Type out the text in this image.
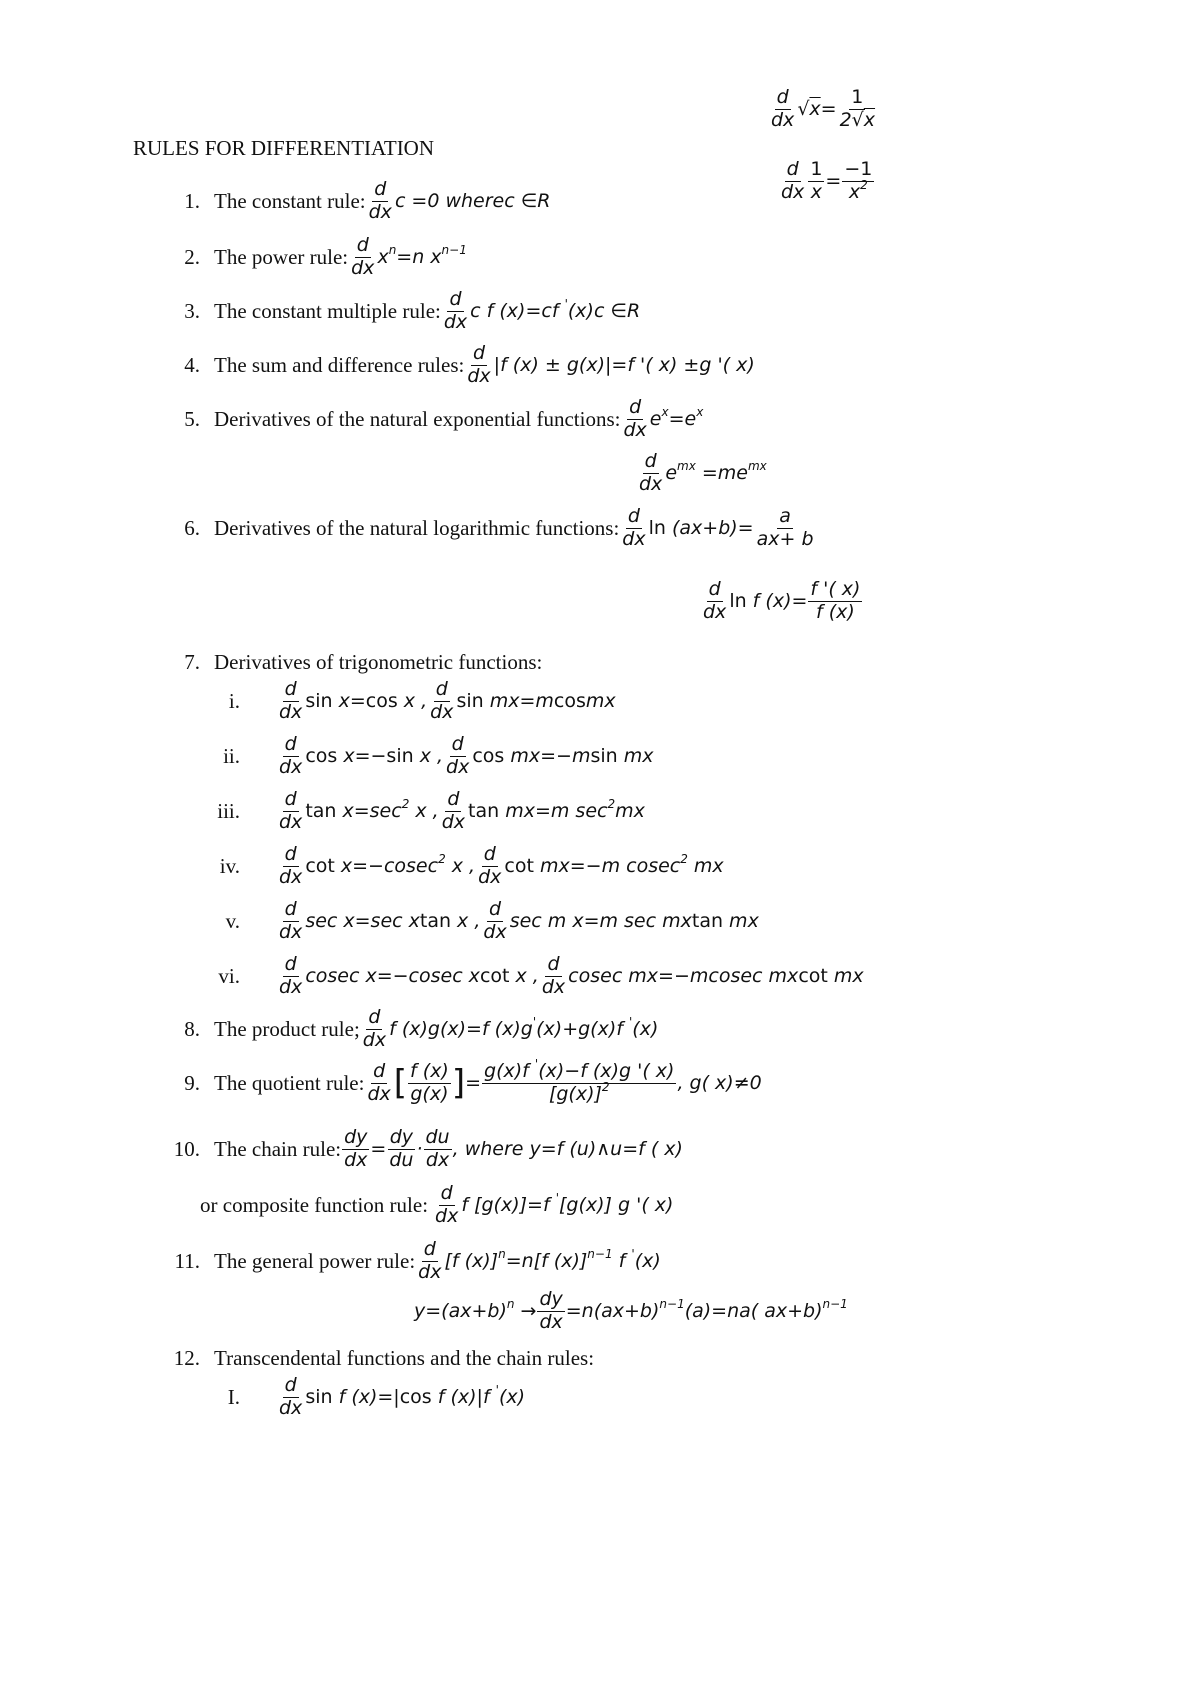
RULES FOR DIFFERENTIATION
d
dx $√x= \frac{1}{2√x}$
d
dx $\frac{1}{x} = \frac{-1}{x^2}$
1. The constant rule: d
dx c =0 wherec ∈R
2. The power rule: d
dx $x^n=n$ $x^{n-1}$
3. The constant multiple rule: d
dx c f (x)=cf '(x)c ∈R
4. The sum and difference rules: d
dx |f (x) ± g(x)|=f '( x) ±g '( x)
5. Derivatives of the natural exponential functions: d
dx $e^x=e^x$
d
dx $e^{mx} =me^{mx}$
6. Derivatives of the natural logarithmic functions: d
dx $\ln (ax+b)= \frac{a}{ax+ b}$
d
dx ln f $(x)= \frac{f '( x)}{f (x)}$
7. Derivatives of trigonometric functions:
i. d
dx sin x= cos x ,
d
dx sin mx=m cos mx
ii. d
dx cos x=− sin x ,
d
dx cos mx=−m sin mx
iii. d
dx $\tan x=\sec^2$ x ,
d
dx tan mx=m $\sec^2mx$
iv. d
dx cot x=−cosec$^2$ x ,
d
dx cot mx=−m cosec$^2$ mx
v. d
dx sec x=sec x tan x ,
d
dx sec m x=m sec mx tan mx
vi. d
dx cosec x=−cosec x cot x ,
d
dx cosec mx=−mcosec mx cot mx
8. The product rule; d
dx f (x)g(x)=f (x)g'(x)+g(x)f '(x)
9. The quotient rule: d
dx [ f (x)
g(x) ] = $\frac{g(x)f '(x)-f (x)g '( x)}{[g(x)]^2}$ , g( x)≠0
10. The chain rule: $\frac{dy}{dx} = \frac{dy}{du}$ ·
du
dx , where y=f (u)∧u=f ( x)
or composite function rule:
d
dx f [g(x)]=f '[g(x)] g '( x)
11. The general power rule: d
dx [f (x)]$^n$=n[f (x)]$^{n-1}$ f '(x)
$y=(ax+b)^n \to \frac{dy}{dx} =n(ax+b)^{n-1}(a)=na$( ax+b)$^{n-1}$
12. Transcendental functions and the chain rules:
I. d
dx sin f (x)=| cos f (x)|f '(x)
